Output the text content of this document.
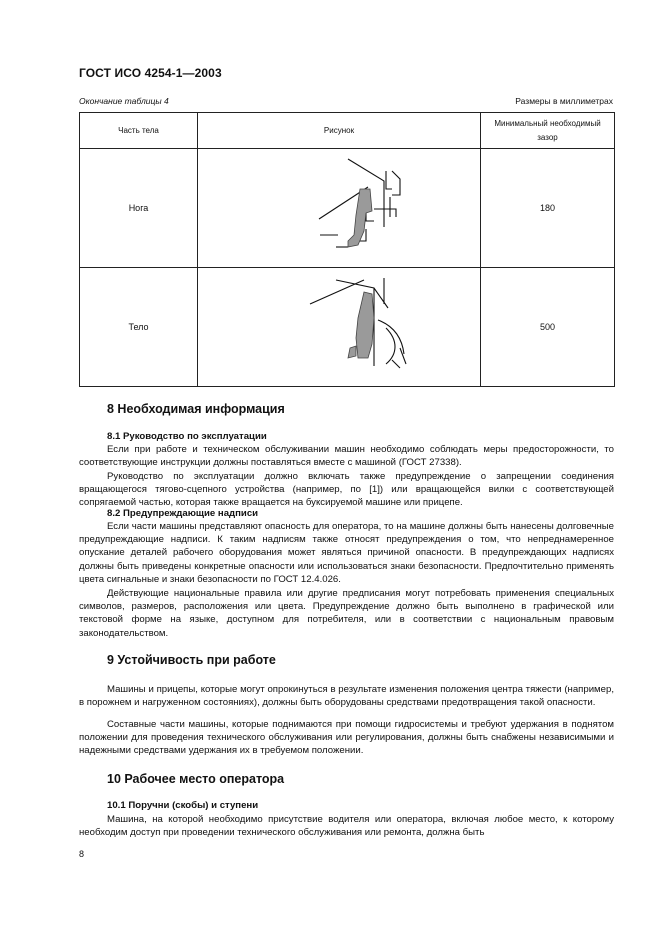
ГОСТ ИСО 4254-1—2003
Окончание таблицы 4	Размеры в миллиметрах
Часть тела	Рисунок	Минимальный необходимый зазор
Нога		180
Тело		500
8 Необходимая информация
8.1 Руководство по эксплуатации
Если при работе и техническом обслуживании машин необходимо соблюдать меры предосторожности, то соответствующие инструкции должны поставляться вместе с машиной (ГОСТ 27338).
Руководство по эксплуатации должно включать также предупреждение о запрещении соединения вращающегося тягово-сцепного устройства (например, по [1]) или вращающейся вилки с соответствующей сопрягаемой частью, которая также вращается на буксируемой машине или прицепе.
8.2 Предупреждающие надписи
Если части машины представляют опасность для оператора, то на машине должны быть нанесены долговечные предупреждающие надписи. К таким надписям также относят предупреждения о том, что непреднамеренное опускание деталей рабочего оборудования может являться причиной опасности. В предупреждающих надписях должны быть приведены конкретные опасности или использоваться знаки безопасности. Предпочтительно применять цвета сигнальные и знаки безопасности по ГОСТ 12.4.026.
Действующие национальные правила или другие предписания могут потребовать применения специальных символов, размеров, расположения или цвета. Предупреждение должно быть выполнено в графической или текстовой форме на языке, доступном для потребителя, или в соответствии с национальным правовым законодательством.
9 Устойчивость при работе
Машины и прицепы, которые могут опрокинуться в результате изменения положения центра тяжести (например, в порожнем и нагруженном состояниях), должны быть оборудованы средствами предотвращения такой опасности.
Составные части машины, которые поднимаются при помощи гидросистемы и требуют удержания в поднятом положении для проведения технического обслуживания или регулирования, должны быть снабжены независимыми и надежными средствами удержания их в требуемом положении.
10 Рабочее место оператора
10.1 Поручни (скобы) и ступени
Машина, на которой необходимо присутствие водителя или оператора, включая любое место, к которому необходим доступ при проведении технического обслуживания или ремонта, должна быть
8
